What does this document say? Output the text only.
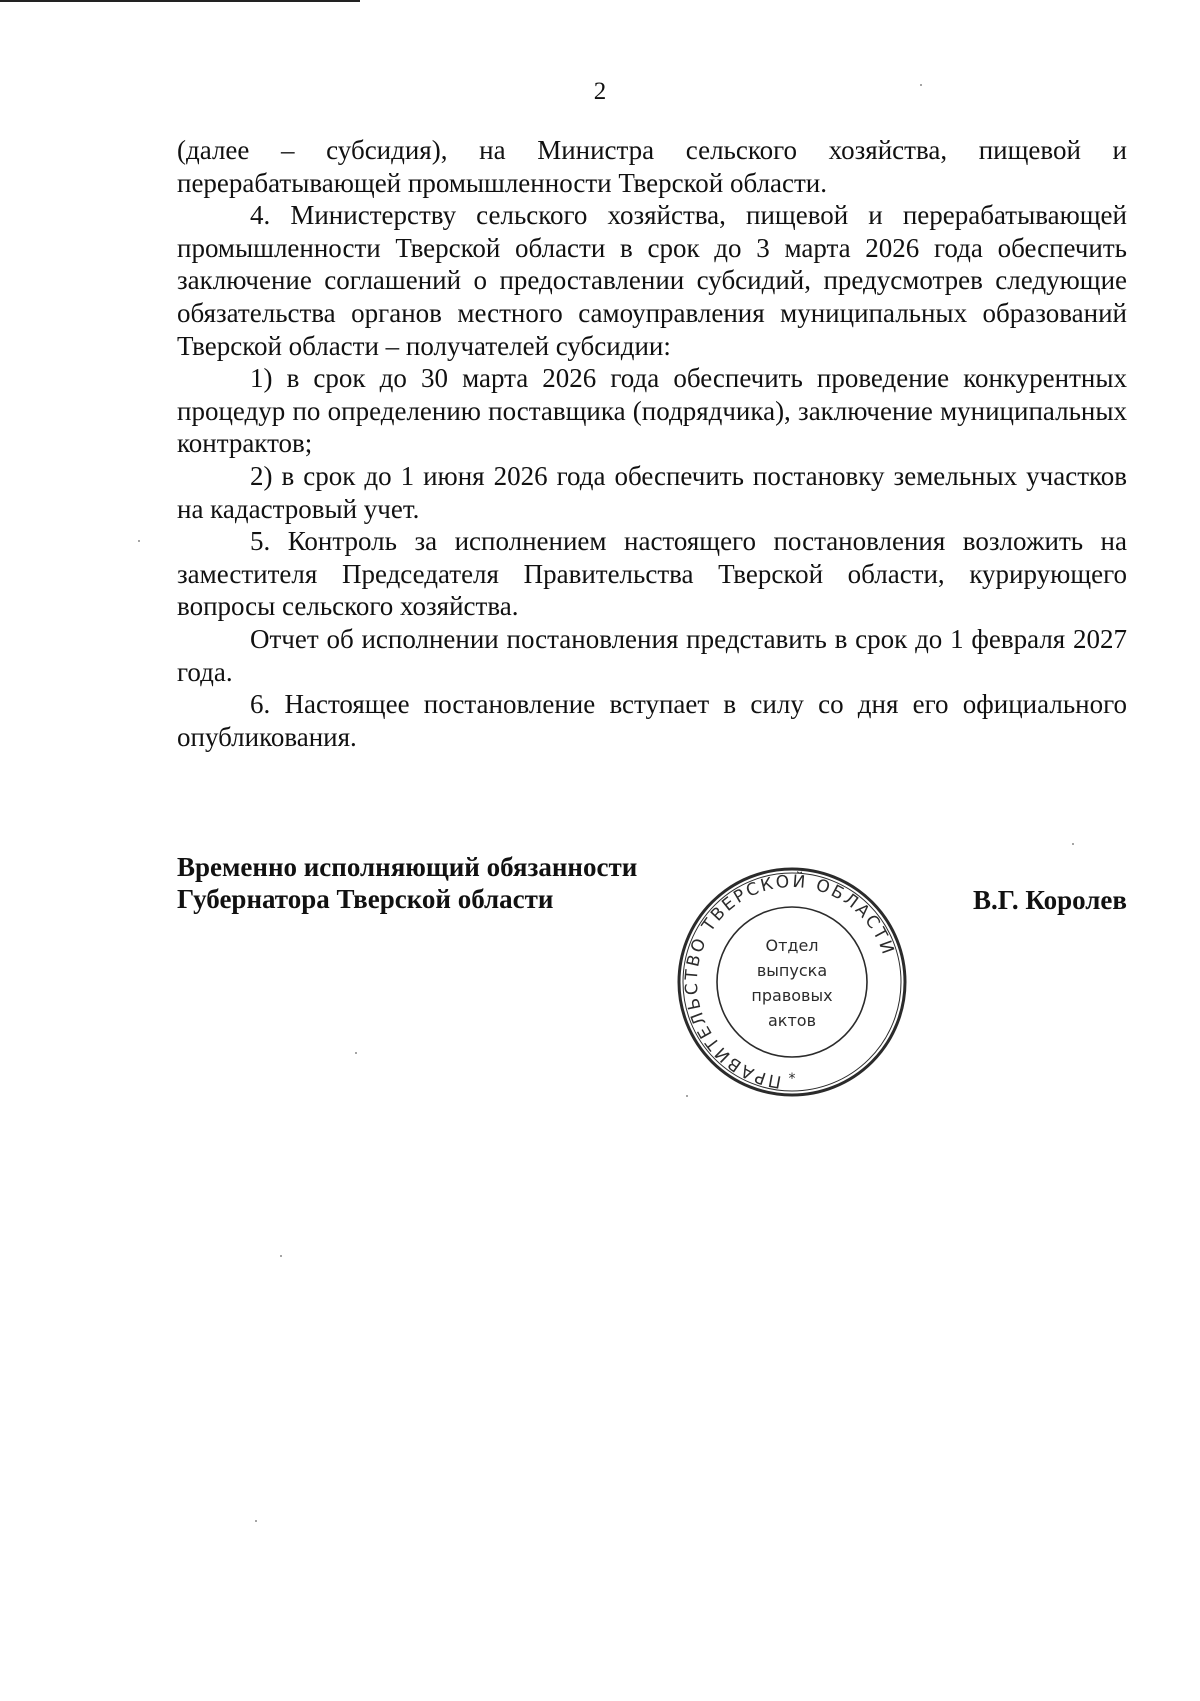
2

(далее – субсидия), на Министра сельского хозяйства, пищевой и перерабатывающей промышленности Тверской области.

4. Министерству сельского хозяйства, пищевой и перерабатывающей промышленности Тверской области в срок до 3 марта 2026 года обеспечить заключение соглашений о предоставлении субсидий, предусмотрев следующие обязательства органов местного самоуправления муниципальных образований Тверской области – получателей субсидии:

1) в срок до 30 марта 2026 года обеспечить проведение конкурентных процедур по определению поставщика (подрядчика), заключение муниципальных контрактов;

2) в срок до 1 июня 2026 года обеспечить постановку земельных участков на кадастровый учет.

5. Контроль за исполнением настоящего постановления возложить на заместителя Председателя Правительства Тверской области, курирующего вопросы сельского хозяйства.

Отчет об исполнении постановления представить в срок до 1 февраля 2027 года.

6. Настоящее постановление вступает в силу со дня его официального опубликования.

Временно исполняющий обязанности
Губернатора Тверской области	В.Г. Королев
ПРАВИТЕЛЬСТВО ТВЕРСКОЙ ОБЛАСТИ
Отдел
выпуска
правовых
актов
*
